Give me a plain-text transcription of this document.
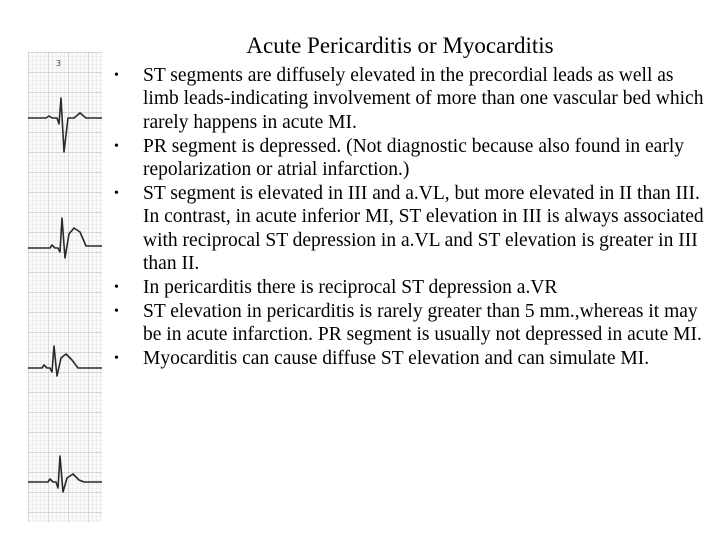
Acute Pericarditis or Myocarditis
3
• ST segments are diffusely elevated in the precordial leads as well as limb leads-indicating involvement of more than one vascular bed which rarely happens in acute MI.
• PR segment is depressed. (Not diagnostic because also found in early repolarization or atrial infarction.)
• ST segment is elevated in III and a.VL, but more elevated in II than III. In contrast, in acute inferior MI, ST elevation in III is always associated with reciprocal ST depression in a.VL and ST elevation is greater in III than II.
• In pericarditis there is reciprocal ST depression a.VR
• ST elevation in pericarditis is rarely greater than 5 mm.,whereas it may be in acute infarction. PR segment is usually not depressed in acute MI.
• Myocarditis can cause diffuse ST elevation and can simulate MI.
